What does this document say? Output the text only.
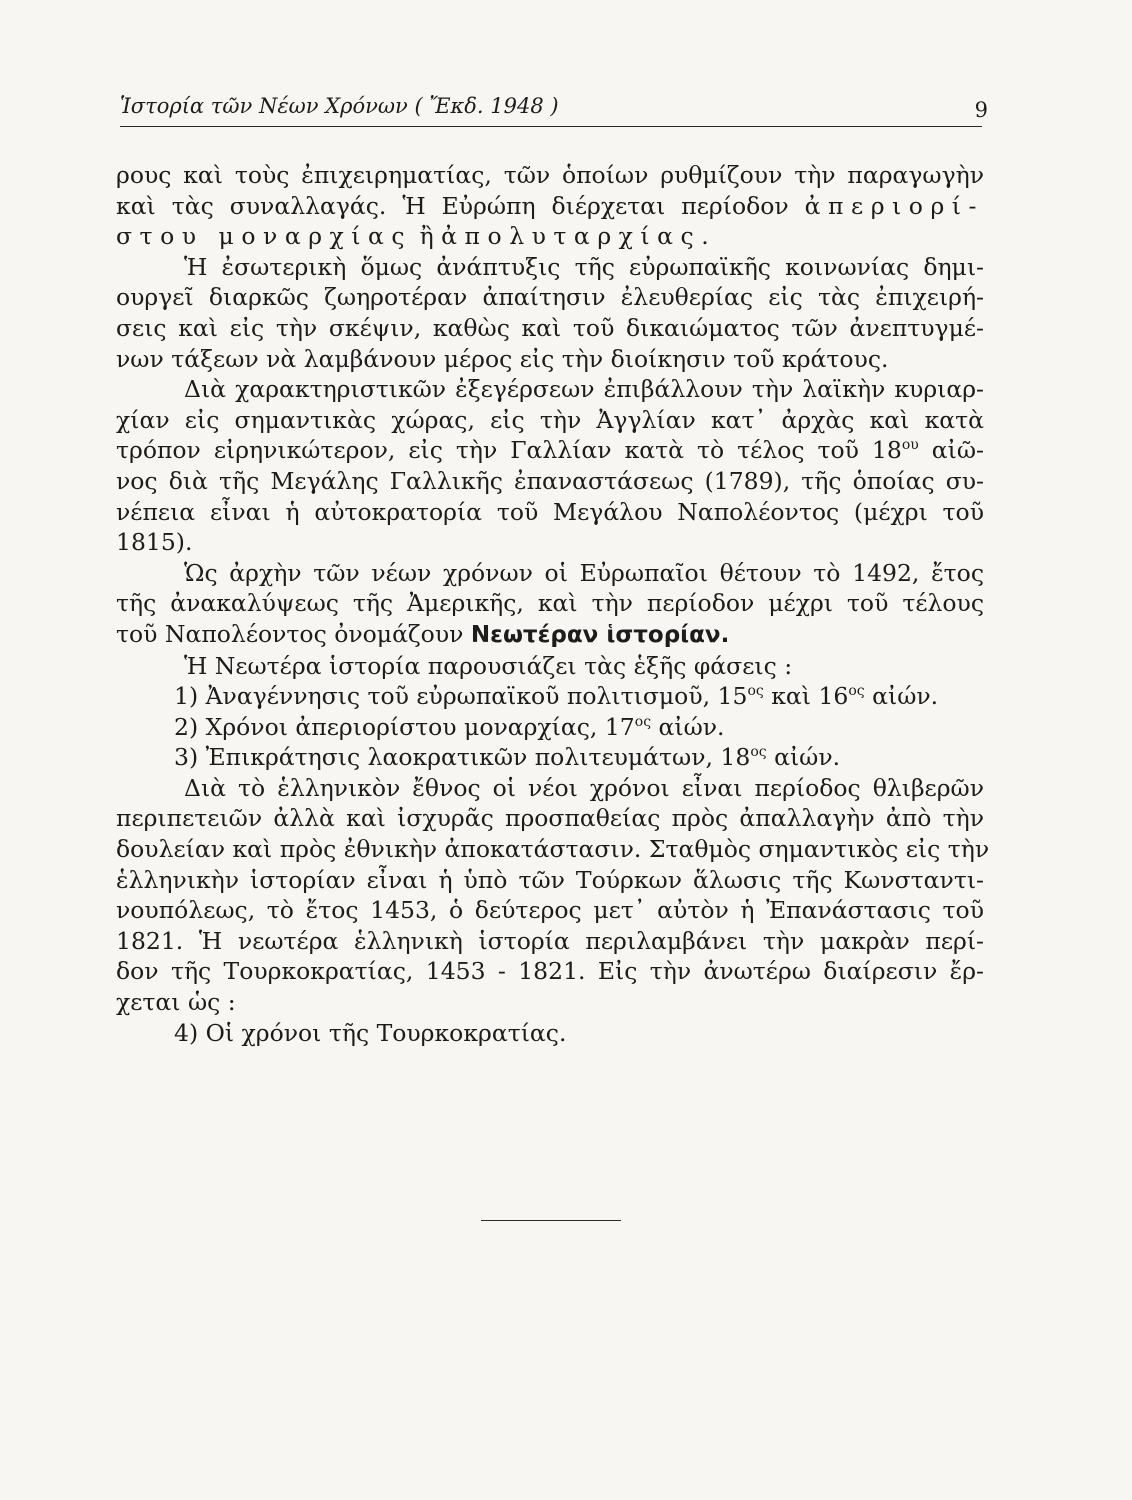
Ἱστορία τῶν Νέων Χρόνων ( Ἔκδ. 1948 )	9
ρους καὶ τοὺς ἐπιχειρηματίας, τῶν ὁποίων ρυθμίζουν τὴν παραγωγὴν
καὶ τὰς συναλλαγάς. Ἡ Εὐρώπη διέρχεται περίοδον ἀπεριορί-
στου μοναρχίας ἢ ἀπολυταρχίας.
Ἡ ἐσωτερικὴ ὅμως ἀνάπτυξις τῆς εὐρωπαϊκῆς κοινωνίας δημι-
ουργεῖ διαρκῶς ζωηροτέραν ἀπαίτησιν ἐλευθερίας εἰς τὰς ἐπιχειρή-
σεις καὶ εἰς τὴν σκέψιν, καθὼς καὶ τοῦ δικαιώματος τῶν ἀνεπτυγμέ-
νων τάξεων νὰ λαμβάνουν μέρος εἰς τὴν διοίκησιν τοῦ κράτους.
Διὰ χαρακτηριστικῶν ἐξεγέρσεων ἐπιβάλλουν τὴν λαϊκὴν κυριαρ-
χίαν εἰς σημαντικὰς χώρας, εἰς τὴν Ἀγγλίαν κατ᾽ ἀρχὰς καὶ κατὰ
τρόπον εἰρηνικώτερον, εἰς τὴν Γαλλίαν κατὰ τὸ τέλος τοῦ $18^{o\upsilon}$ αἰῶ-
νος διὰ τῆς Μεγάλης Γαλλικῆς ἐπαναστάσεως (1789), τῆς ὁποίας συ-
νέπεια εἶναι ἡ αὐτοκρατορία τοῦ Μεγάλου Ναπολέοντος (μέχρι τοῦ
1815).
Ὡς ἀρχὴν τῶν νέων χρόνων οἱ Εὐρωπαῖοι θέτουν τὸ 1492, ἔτος
τῆς ἀνακαλύψεως τῆς Ἀμερικῆς, καὶ τὴν περίοδον μέχρι τοῦ τέλους
τοῦ Ναπολέοντος ὀνομάζουν Νεωτέραν ἱστορίαν.
Ἡ Νεωτέρα ἱστορία παρουσιάζει τὰς ἑξῆς φάσεις :
1) Ἀναγέννησις τοῦ εὐρωπαϊκοῦ πολιτισμοῦ, $15^{o\varsigma}$ καὶ $16^{o\varsigma}$ αἰών.
2) Χρόνοι ἀπεριορίστου μοναρχίας, $17^{o\varsigma}$ αἰών.
3) Ἐπικράτησις λαοκρατικῶν πολιτευμάτων, $18^{o\varsigma}$ αἰών.
Διὰ τὸ ἑλληνικὸν ἔθνος οἱ νέοι χρόνοι εἶναι περίοδος θλιβερῶν
περιπετειῶν ἀλλὰ καὶ ἰσχυρᾶς προσπαθείας πρὸς ἀπαλλαγὴν ἀπὸ τὴν
δουλείαν καὶ πρὸς ἐθνικὴν ἀποκατάστασιν. Σταθμὸς σημαντικὸς εἰς τὴν
ἑλληνικὴν ἱστορίαν εἶναι ἡ ὑπὸ τῶν Τούρκων ἅλωσις τῆς Κωνσταντι-
νουπόλεως, τὸ ἔτος 1453, ὁ δεύτερος μετ᾽ αὐτὸν ἡ Ἐπανάστασις τοῦ
1821. Ἡ νεωτέρα ἑλληνικὴ ἱστορία περιλαμβάνει τὴν μακρὰν περί-
δον τῆς Τουρκοκρατίας, 1453 - 1821. Εἰς τὴν ἀνωτέρω διαίρεσιν ἔρ-
χεται ὡς :
4) Οἱ χρόνοι τῆς Τουρκοκρατίας.
